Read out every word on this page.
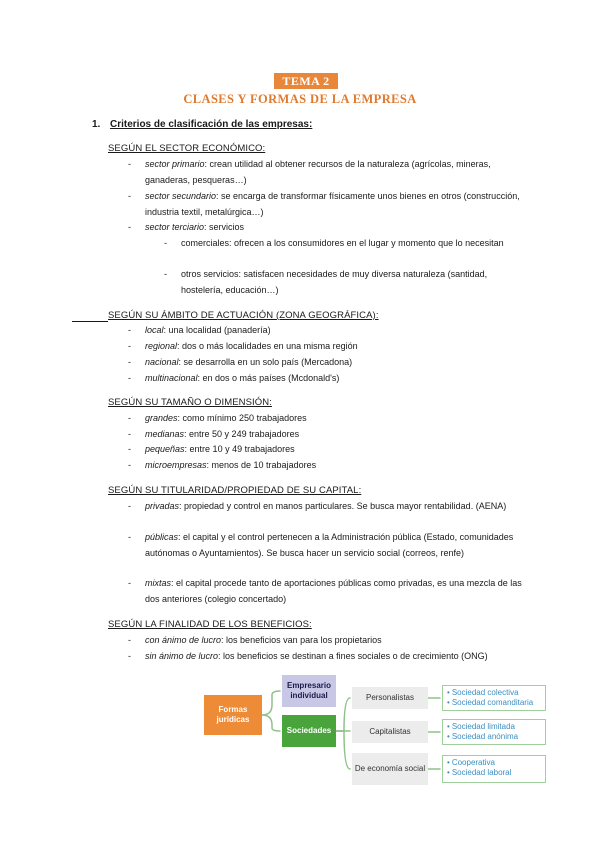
TEMA 2
CLASES Y FORMAS DE LA EMPRESA
1. Criterios de clasificación de las empresas:
SEGÚN EL SECTOR ECONÓMICO:
- sector primario: crean utilidad al obtener recursos de la naturaleza (agrícolas, mineras, ganaderas, pesqueras…)
- sector secundario: se encarga de transformar físicamente unos bienes en otros (construcción, industria textil, metalúrgica…)
- sector terciario: servicios
- comerciales: ofrecen a los consumidores en el lugar y momento que lo necesitan
- otros servicios: satisfacen necesidades de muy diversa naturaleza (santidad, hostelería, educación…)
SEGÚN SU ÁMBITO DE ACTUACIÓN (ZONA GEOGRÁFICA):
- local: una localidad (panadería)
- regional: dos o más localidades en una misma región
- nacional: se desarrolla en un solo país (Mercadona)
- multinacional: en dos o más países (Mcdonald's)
SEGÚN SU TAMAÑO O DIMENSIÓN:
- grandes: como mínimo 250 trabajadores
- medianas: entre 50 y 249 trabajadores
- pequeñas: entre 10 y 49 trabajadores
- microempresas: menos de 10 trabajadores
SEGÚN SU TITULARIDAD/PROPIEDAD DE SU CAPITAL:
- privadas: propiedad y control en manos particulares. Se busca mayor rentabilidad. (AENA)
- públicas: el capital y el control pertenecen a la Administración pública (Estado, comunidades autónomas o Ayuntamientos). Se busca hacer un servicio social (correos, renfe)
- mixtas: el capital procede tanto de aportaciones públicas como privadas, es una mezcla de las dos anteriores (colegio concertado)
SEGÚN LA FINALIDAD DE LOS BENEFICIOS:
- con ánimo de lucro: los beneficios van para los propietarios
- sin ánimo de lucro: los beneficios se destinan a fines sociales o de crecimiento (ONG)
Formas jurídicas
Empresario individual
Sociedades
Personalistas
Capitalistas
De economía social
• Sociedad colectiva
• Sociedad comanditaria
• Sociedad limitada
• Sociedad anónima
• Cooperativa
• Sociedad laboral
